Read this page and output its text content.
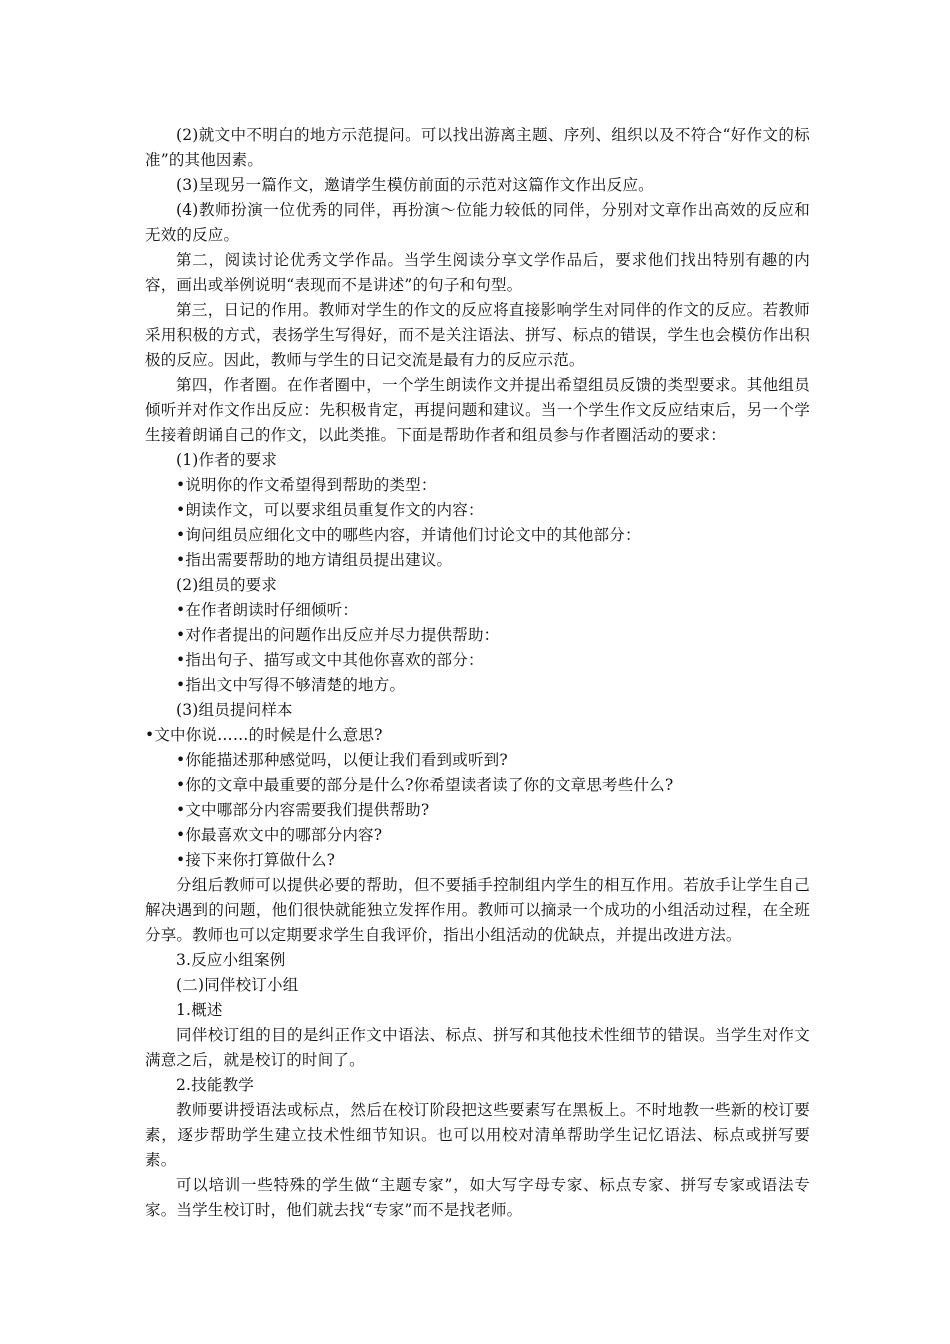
(2)就文中不明白的地方示范提问。可以找出游离主题、序列、组织以及不符合“好作文的标准”的其他因素。

(3)呈现另一篇作文，邀请学生模仿前面的示范对这篇作文作出反应。

(4)教师扮演一位优秀的同伴，再扮演～位能力较低的同伴，分别对文章作出高效的反应和无效的反应。

第二，阅读讨论优秀文学作品。当学生阅读分享文学作品后，要求他们找出特别有趣的内容，画出或举例说明“表现而不是讲述”的句子和句型。

第三，日记的作用。教师对学生的作文的反应将直接影响学生对同伴的作文的反应。若教师采用积极的方式，表扬学生写得好，而不是关注语法、拼写、标点的错误，学生也会模仿作出积极的反应。因此，教师与学生的日记交流是最有力的反应示范。

第四，作者圈。在作者圈中，一个学生朗读作文并提出希望组员反馈的类型要求。其他组员倾听并对作文作出反应：先积极肯定，再提问题和建议。当一个学生作文反应结束后，另一个学生接着朗诵自己的作文，以此类推。下面是帮助作者和组员参与作者圈活动的要求：

(1)作者的要求

•说明你的作文希望得到帮助的类型：

•朗读作文，可以要求组员重复作文的内容：

•询问组员应细化文中的哪些内容，并请他们讨论文中的其他部分：

•指出需要帮助的地方请组员提出建议。

(2)组员的要求

•在作者朗读时仔细倾听：

•对作者提出的问题作出反应并尽力提供帮助：

•指出句子、描写或文中其他你喜欢的部分：

•指出文中写得不够清楚的地方。

(3)组员提问样本

•文中你说……的时候是什么意思?

•你能描述那种感觉吗，以便让我们看到或听到?

•你的文章中最重要的部分是什么?你希望读者读了你的文章思考些什么?

•文中哪部分内容需要我们提供帮助?

•你最喜欢文中的哪部分内容?

•接下来你打算做什么?

分组后教师可以提供必要的帮助，但不要插手控制组内学生的相互作用。若放手让学生自己解决遇到的问题，他们很快就能独立发挥作用。教师可以摘录一个成功的小组活动过程，在全班分享。教师也可以定期要求学生自我评价，指出小组活动的优缺点，并提出改进方法。

3.反应小组案例

(二)同伴校订小组

1.概述

同伴校订组的目的是纠正作文中语法、标点、拼写和其他技术性细节的错误。当学生对作文满意之后，就是校订的时间了。

2.技能教学

教师要讲授语法或标点，然后在校订阶段把这些要素写在黑板上。不时地教一些新的校订要素，逐步帮助学生建立技术性细节知识。也可以用校对清单帮助学生记忆语法、标点或拼写要素。

可以培训一些特殊的学生做“主题专家”，如大写字母专家、标点专家、拼写专家或语法专家。当学生校订时，他们就去找“专家”而不是找老师。
